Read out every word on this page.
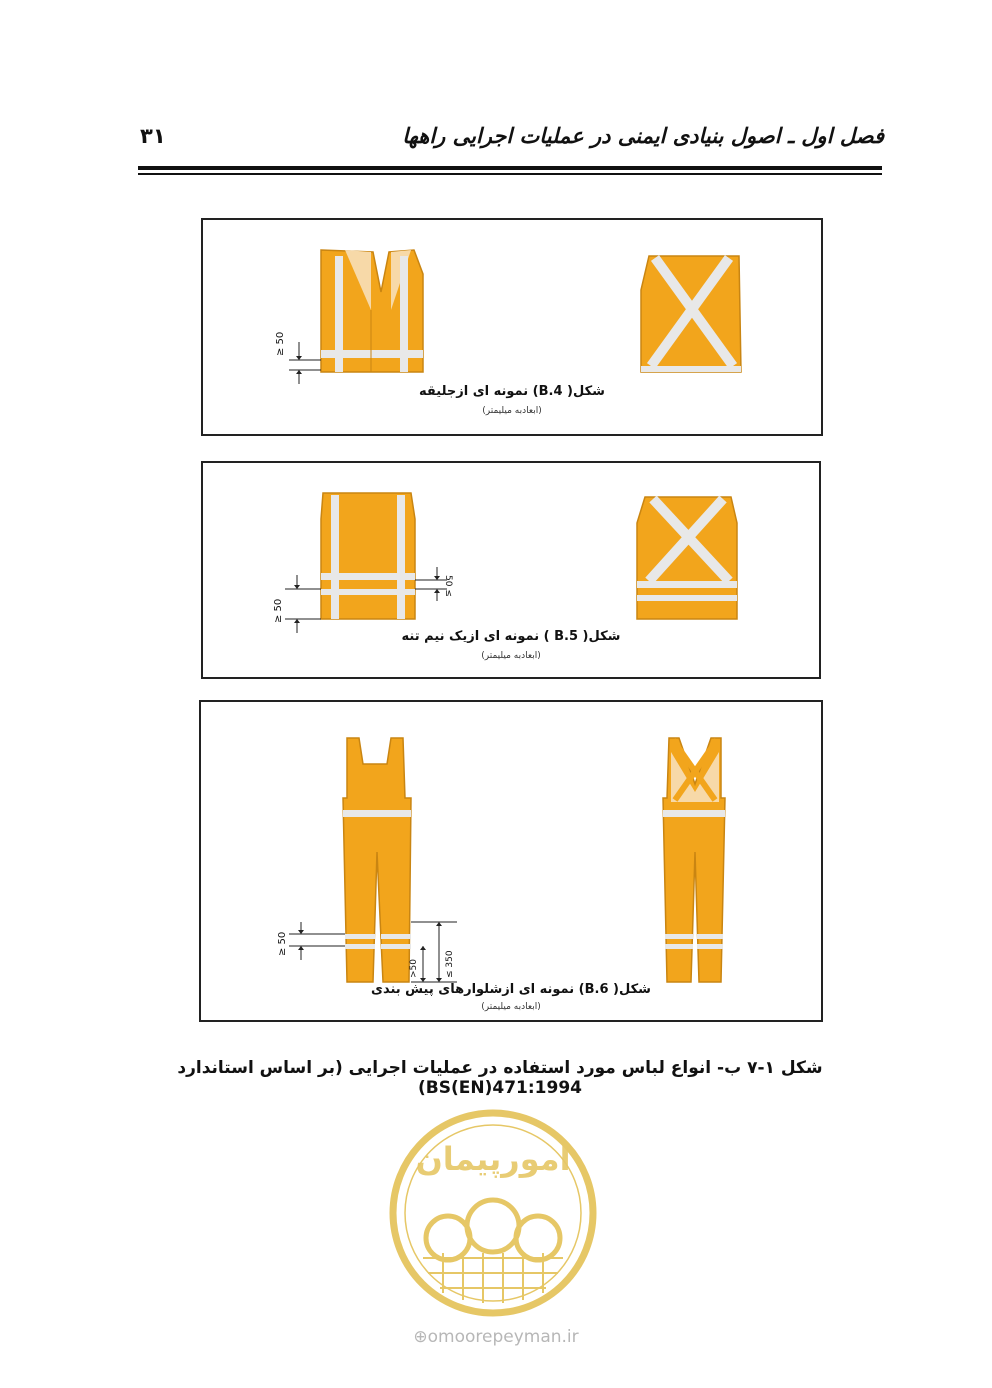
فصل اول ـ اصول بنیادی ایمنی در عملیات اجرایی راهها
۳۱
≥ 50
شکل( B.4) نمونه ای ازجلیقه
(ابعادبه میلیمتر)
≥ 50
50 ≤
شکل( B.5 ) نمونه ای ازیک نیم تنه
(ابعادبه میلیمتر)
≥ 50
>50	≤ 350
شکل( B.6) نمونه ای ازشلوارهای پیش بندی
(ابعادبه میلیمتر)
شکل ۱-۷ ب- انواع لباس مورد استفاده در عملیات اجرایی (بر اساس استاندارد BS(EN)471:1994)
امورپیمان
⊕omoorepeyman.ir
